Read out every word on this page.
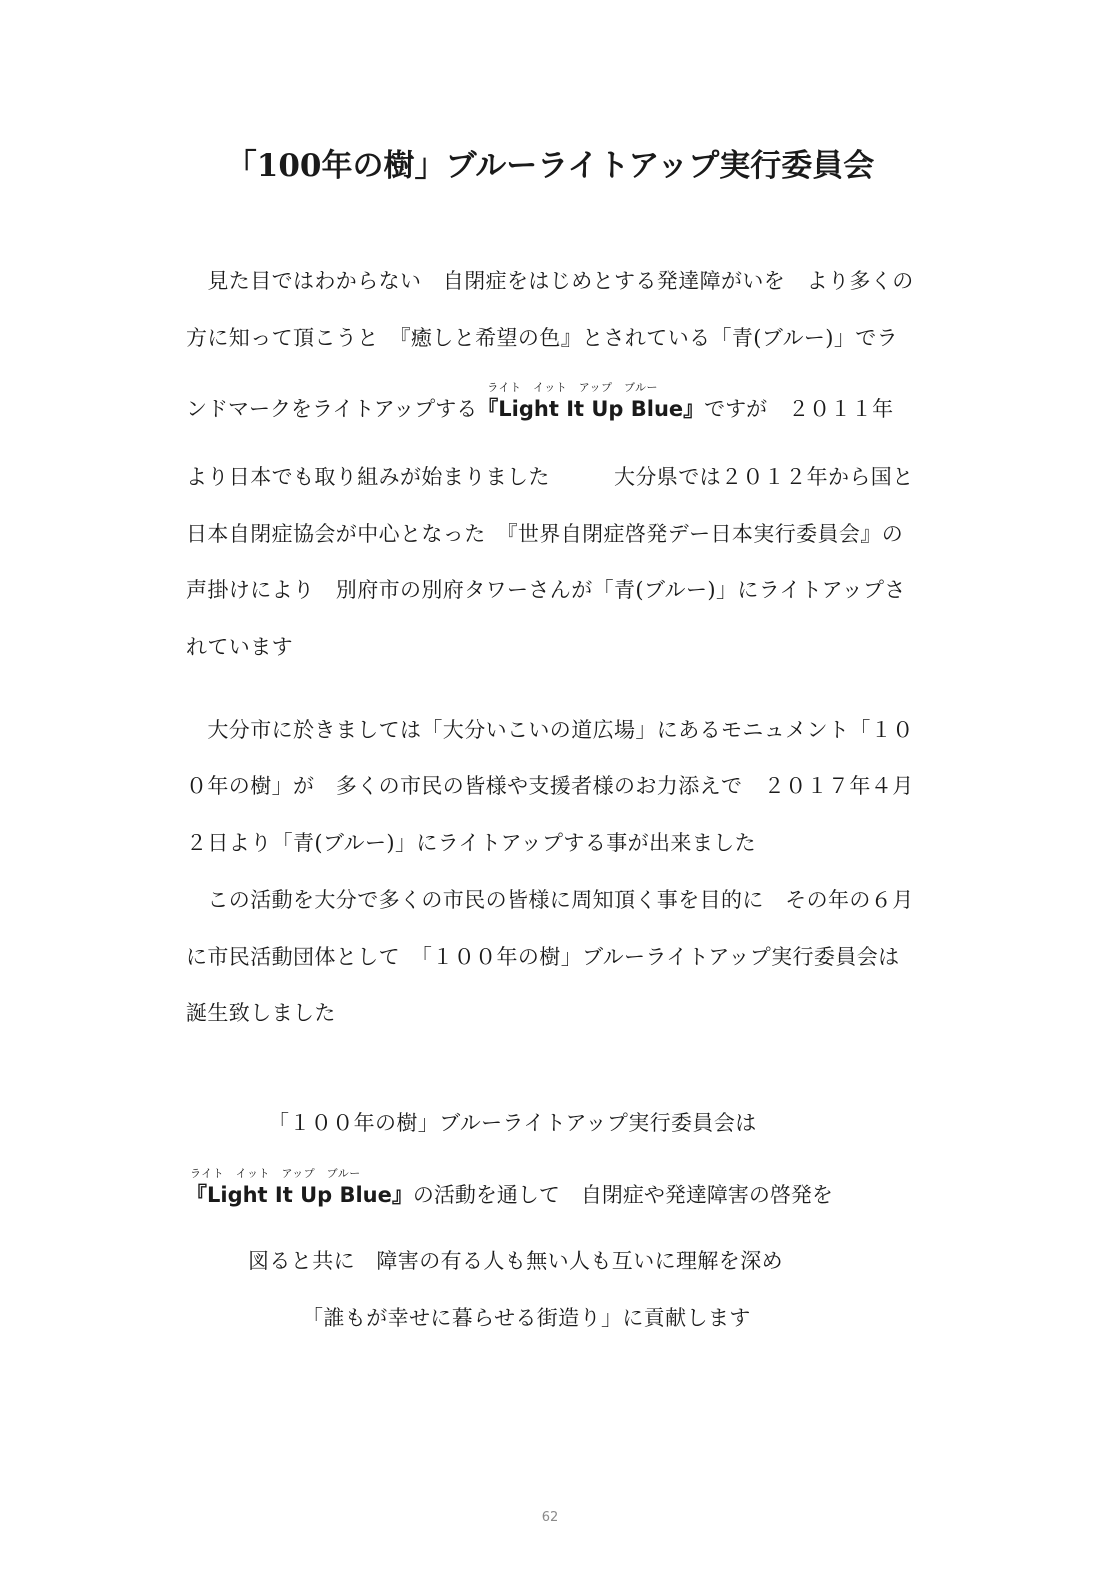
「100年の樹」ブルーライトアップ実行委員会
　見た目ではわからない　自閉症をはじめとする発達障がいを　より多くの
方に知って頂こうと　『癒しと希望の色』とされている「青(ブルー)」でラ
ンドマークをライトアップする
ライト　イット　アップ　ブルー
『Light It Up Blue』ですが　２０１１年
より日本でも取り組みが始まりました　　　大分県では２０１２年から国と
日本自閉症協会が中心となった　『世界自閉症啓発デー日本実行委員会』の
声掛けにより　別府市の別府タワーさんが「青(ブルー)」にライトアップさ
れています
　大分市に於きましては「大分いこいの道広場」にあるモニュメント「１０
０年の樹」が　多くの市民の皆様や支援者様のお力添えで　２０１７年４月
２日より「青(ブルー)」にライトアップする事が出来ました
　この活動を大分で多くの市民の皆様に周知頂く事を目的に　その年の６月
に市民活動団体として　「１００年の樹」ブルーライトアップ実行委員会は
誕生致しました
「１００年の樹」ブルーライトアップ実行委員会は
ライト　イット　アップ　ブルー
『Light It Up Blue』の活動を通して　自閉症や発達障害の啓発を
図ると共に　障害の有る人も無い人も互いに理解を深め
「誰もが幸せに暮らせる街造り」に貢献します
62
